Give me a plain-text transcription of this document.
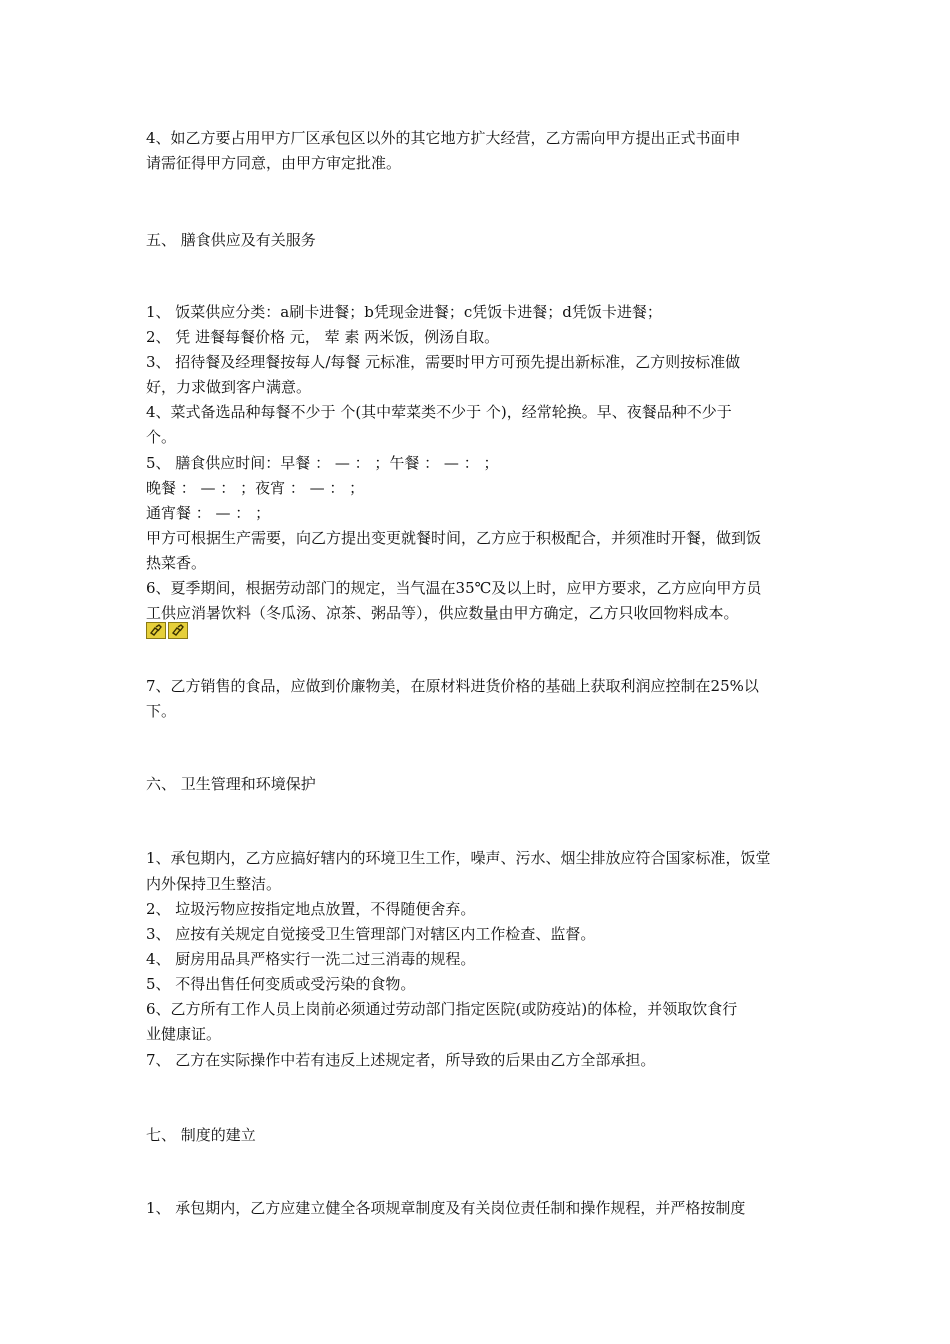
4、如乙方要占用甲方厂区承包区以外的其它地方扩大经营，乙方需向甲方提出正式书面申
请需征得甲方同意，由甲方审定批准。
五、 膳食供应及有关服务
1、 饭菜供应分类：a刷卡进餐；b凭现金进餐；c凭饭卡进餐；d凭饭卡进餐；
2、 凭 进餐每餐价格 元， 荤 素 两米饭，例汤自取。
3、 招待餐及经理餐按每人/每餐 元标准，需要时甲方可预先提出新标准，乙方则按标准做
好，力求做到客户满意。
4、菜式备选品种每餐不少于 个(其中荤菜类不少于 个)，经常轮换。早、夜餐品种不少于
个。
5、 膳食供应时间：早餐 ： — ： ；午餐 ： — ： ；
晚餐 ： — ： ；夜宵 ： — ： ；
通宵餐 ： — ： ；
甲方可根据生产需要，向乙方提出变更就餐时间，乙方应于积极配合，并须准时开餐，做到饭
热菜香。
6、夏季期间，根据劳动部门的规定，当气温在35℃及以上时，应甲方要求，乙方应向甲方员
工供应消暑饮料（冬瓜汤、凉茶、粥品等），供应数量由甲方确定，乙方只收回物料成本。
7、乙方销售的食品，应做到价廉物美，在原材料进货价格的基础上获取利润应控制在25%以
下。
六、 卫生管理和环境保护
1、承包期内，乙方应搞好辖内的环境卫生工作，噪声、污水、烟尘排放应符合国家标准，饭堂
内外保持卫生整洁。
2、 垃圾污物应按指定地点放置，不得随便舍弃。
3、 应按有关规定自觉接受卫生管理部门对辖区内工作检查、监督。
4、 厨房用品具严格实行一洗二过三消毒的规程。
5、 不得出售任何变质或受污染的食物。
6、乙方所有工作人员上岗前必须通过劳动部门指定医院(或防疫站)的体检，并领取饮食行
业健康证。
7、 乙方在实际操作中若有违反上述规定者，所导致的后果由乙方全部承担。
七、 制度的建立
1、 承包期内，乙方应建立健全各项规章制度及有关岗位责任制和操作规程，并严格按制度
